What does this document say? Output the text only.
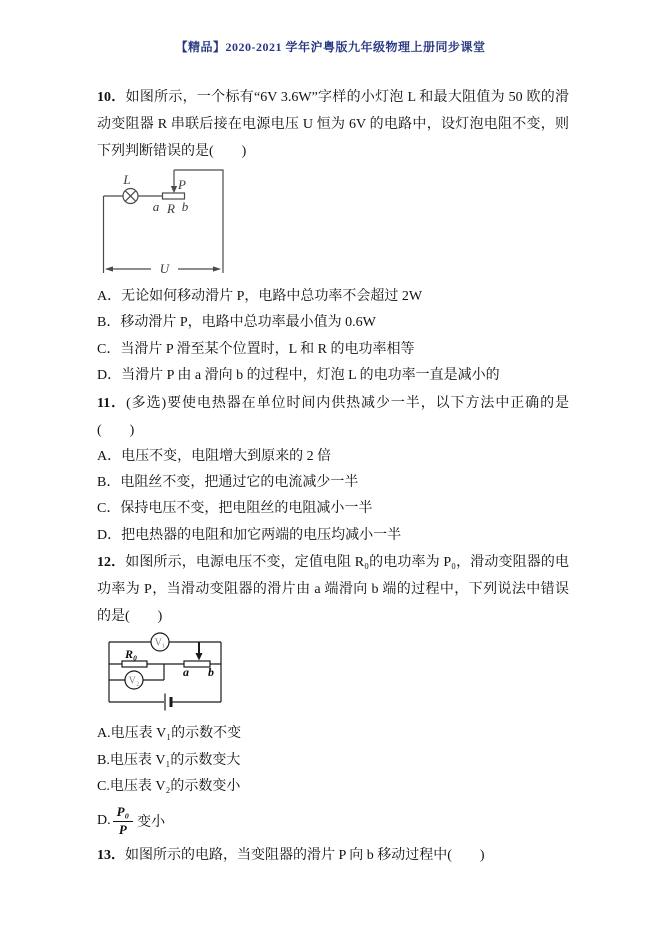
【精品】2020-2021 学年沪粤版九年级物理上册同步课堂

10．如图所示，一个标有“6V 3.6W”字样的小灯泡 L 和最大阻值为 50 欧的滑动变阻器 R 串联后接在电源电压 U 恒为 6V 的电路中，设灯泡电阻不变，则下列判断错误的是(　　)

L	P
a R b
U

A．无论如何移动滑片 P，电路中总功率不会超过 2W

B．移动滑片 P，电路中总功率最小值为 0.6W

C．当滑片 P 滑至某个位置时，L 和 R 的电功率相等

D．当滑片 P 由 a 滑向 b 的过程中，灯泡 L 的电功率一直是减小的

11．(多选)要使电热器在单位时间内供热减少一半，以下方法中正确的是(　　)

A．电压不变，电阻增大到原来的 2 倍

B．电阻丝不变，把通过它的电流减少一半

C．保持电压不变，把电阻丝的电阻减小一半

D．把电热器的电阻和加它两端的电压均减小一半

12．如图所示，电源电压不变，定值电阻 R₀的电功率为 P₀，滑动变阻器的电功率为 P，当滑动变阻器的滑片由 a 端滑向 b 端的过程中，下列说法中错误的是(　　)

V₁
V₂
R₀
a b

A.电压表 V₁的示数不变

B.电压表 V₁的示数变大

C.电压表 V₂的示数变小

D. $\frac{\text{P₀}}{P}$ 变小

13．如图所示的电路，当变阻器的滑片 P 向 b 移动过程中(　　)
